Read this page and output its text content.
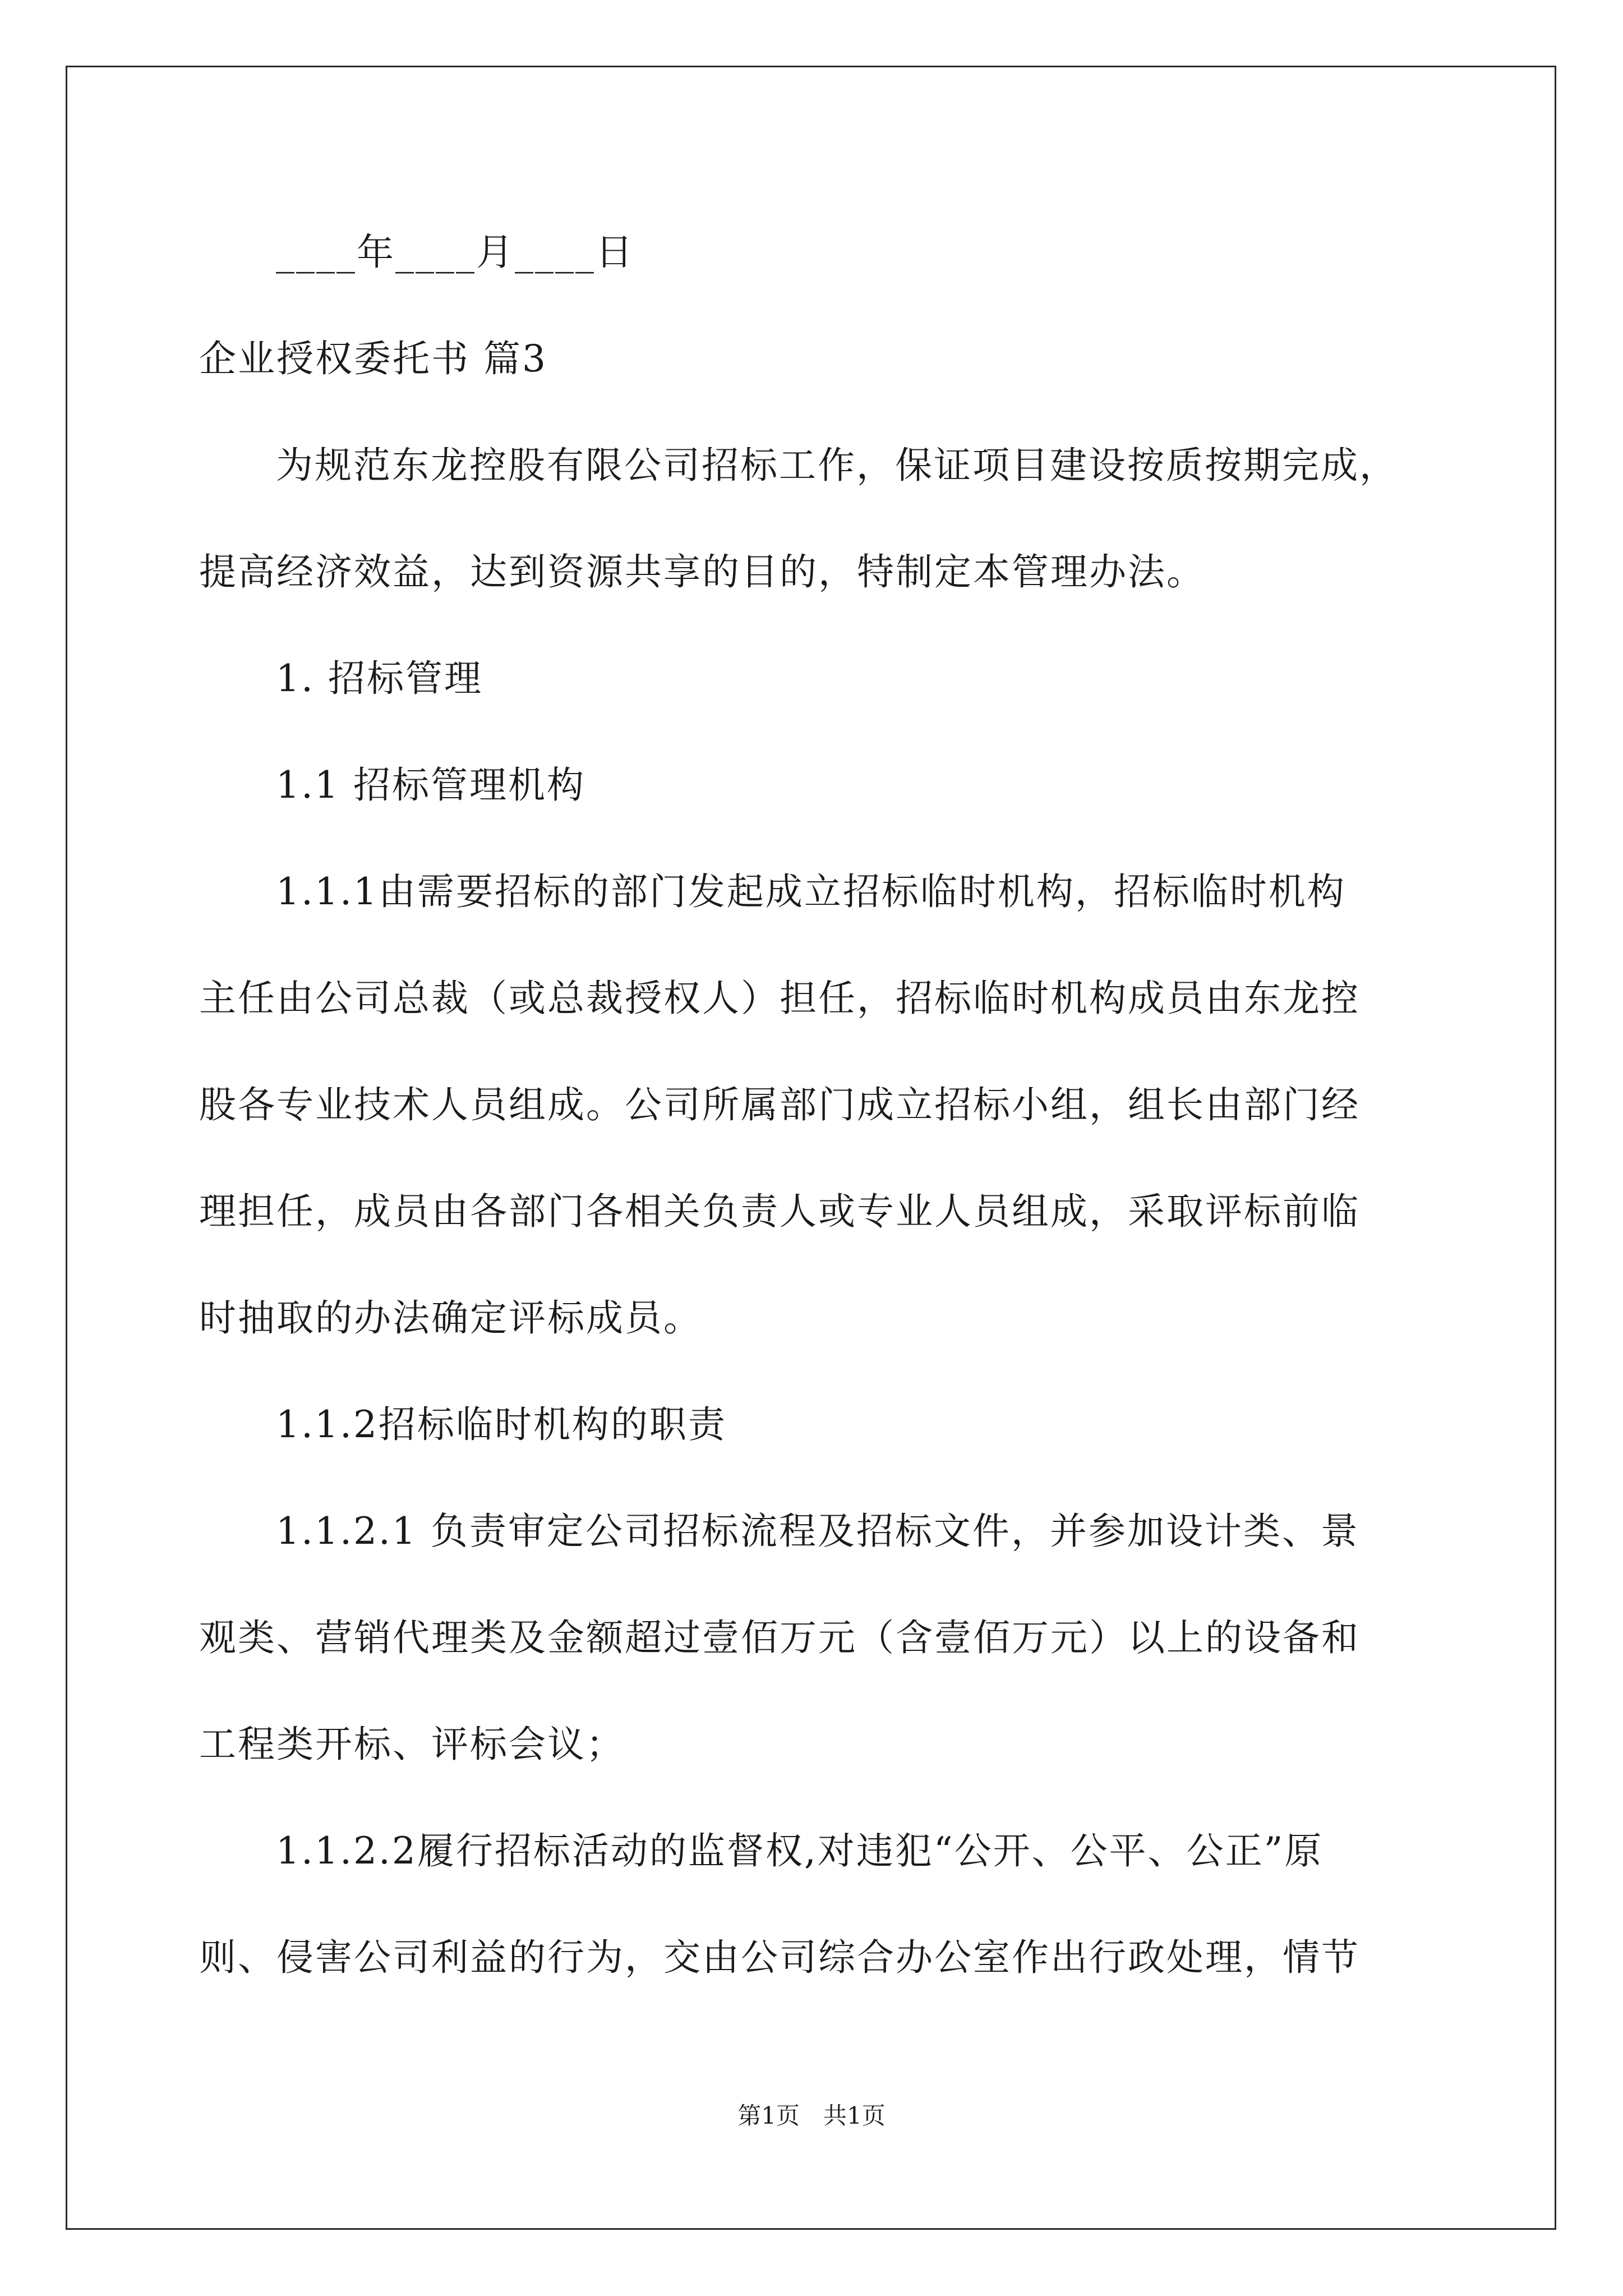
____年____月____日
企业授权委托书 篇3
为规范东龙控股有限公司招标工作，保证项目建设按质按期完成，
提高经济效益，达到资源共享的目的，特制定本管理办法。
1. 招标管理
1.1 招标管理机构
1.1.1由需要招标的部门发起成立招标临时机构，招标临时机构
主任由公司总裁（或总裁授权人）担任，招标临时机构成员由东龙控
股各专业技术人员组成。公司所属部门成立招标小组，组长由部门经
理担任，成员由各部门各相关负责人或专业人员组成，采取评标前临
时抽取的办法确定评标成员。
1.1.2招标临时机构的职责
1.1.2.1 负责审定公司招标流程及招标文件，并参加设计类、景
观类、营销代理类及金额超过壹佰万元（含壹佰万元）以上的设备和
工程类开标、评标会议；
1.1.2.2履行招标活动的监督权,对违犯“公开、公平、公正”原
则、侵害公司利益的行为，交由公司综合办公室作出行政处理，情节
第1页　共1页
